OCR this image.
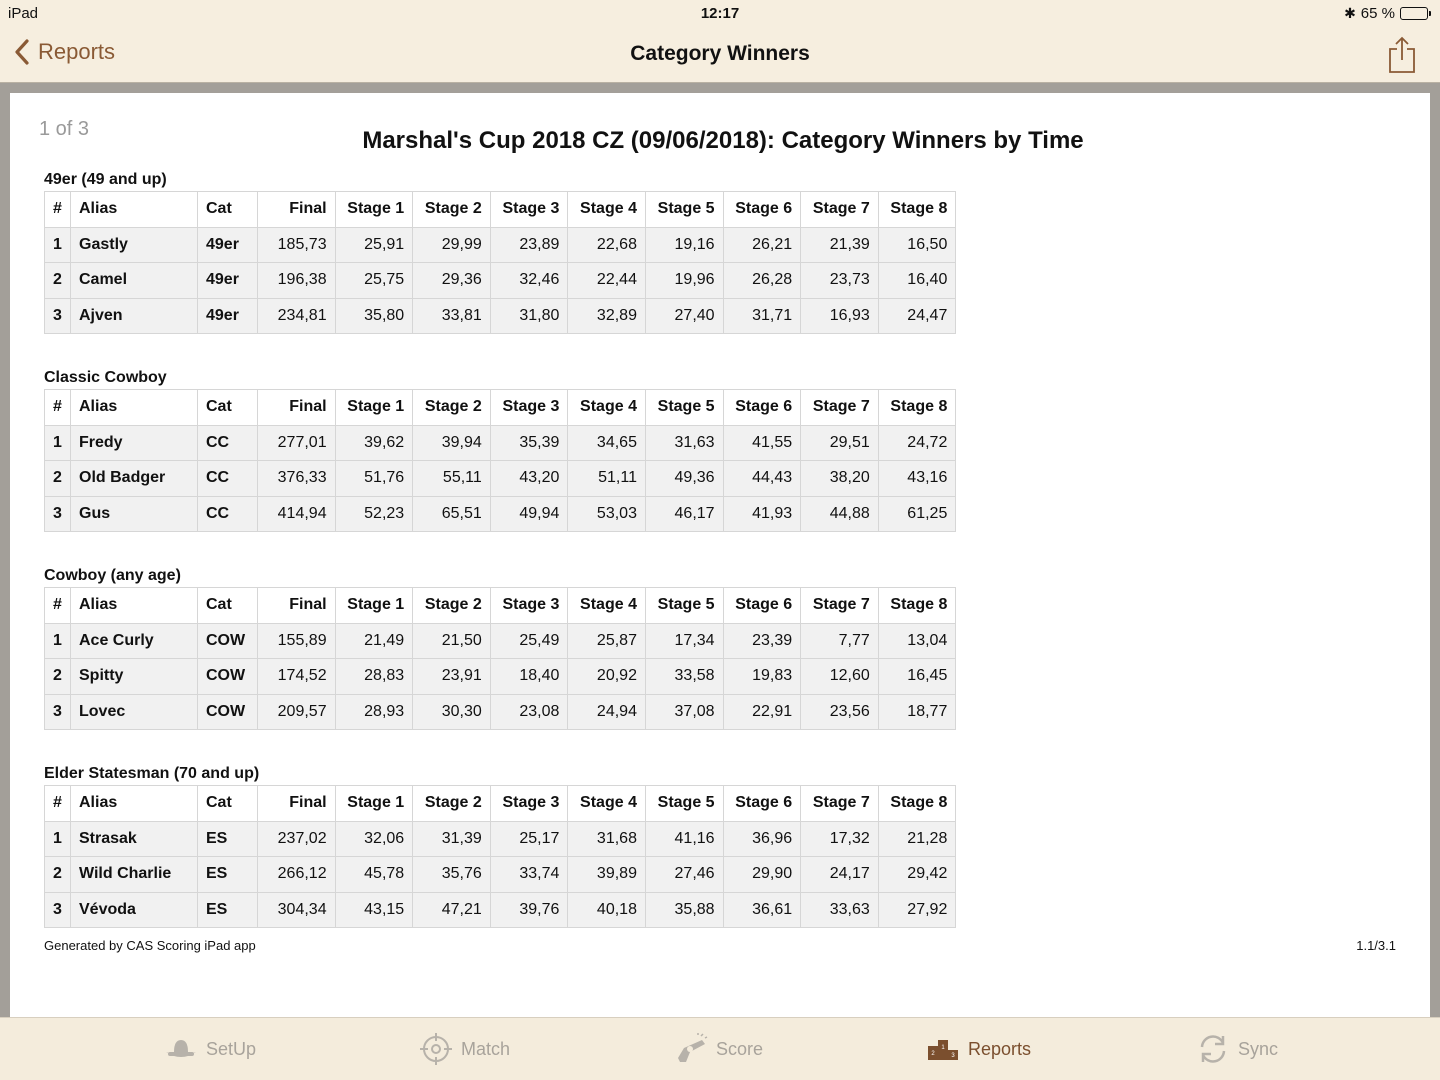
iPad	12:17	✱ 65 %
Reports	Category Winners
1 of 3	Marshal's Cup 2018 CZ (09/06/2018): Category Winners by Time
49er (49 and up)
#	Alias	Cat	Final	Stage 1	Stage 2	Stage 3	Stage 4	Stage 5	Stage 6	Stage 7	Stage 8
1	Gastly	49er	185,73	25,91	29,99	23,89	22,68	19,16	26,21	21,39	16,50
2	Camel	49er	196,38	25,75	29,36	32,46	22,44	19,96	26,28	23,73	16,40
3	Ajven	49er	234,81	35,80	33,81	31,80	32,89	27,40	31,71	16,93	24,47
Classic Cowboy
#	Alias	Cat	Final	Stage 1	Stage 2	Stage 3	Stage 4	Stage 5	Stage 6	Stage 7	Stage 8
1	Fredy	CC	277,01	39,62	39,94	35,39	34,65	31,63	41,55	29,51	24,72
2	Old Badger	CC	376,33	51,76	55,11	43,20	51,11	49,36	44,43	38,20	43,16
3	Gus	CC	414,94	52,23	65,51	49,94	53,03	46,17	41,93	44,88	61,25
Cowboy (any age)
#	Alias	Cat	Final	Stage 1	Stage 2	Stage 3	Stage 4	Stage 5	Stage 6	Stage 7	Stage 8
1	Ace Curly	COW	155,89	21,49	21,50	25,49	25,87	17,34	23,39	7,77	13,04
2	Spitty	COW	174,52	28,83	23,91	18,40	20,92	33,58	19,83	12,60	16,45
3	Lovec	COW	209,57	28,93	30,30	23,08	24,94	37,08	22,91	23,56	18,77
Elder Statesman (70 and up)
#	Alias	Cat	Final	Stage 1	Stage 2	Stage 3	Stage 4	Stage 5	Stage 6	Stage 7	Stage 8
1	Strasak	ES	237,02	32,06	31,39	25,17	31,68	41,16	36,96	17,32	21,28
2	Wild Charlie	ES	266,12	45,78	35,76	33,74	39,89	27,46	29,90	24,17	29,42
3	Vévoda	ES	304,34	43,15	47,21	39,76	40,18	35,88	36,61	33,63	27,92
Generated by CAS Scoring iPad app	1.1/3.1
SetUp	Match	Score	1
2	3 Reports	Sync
